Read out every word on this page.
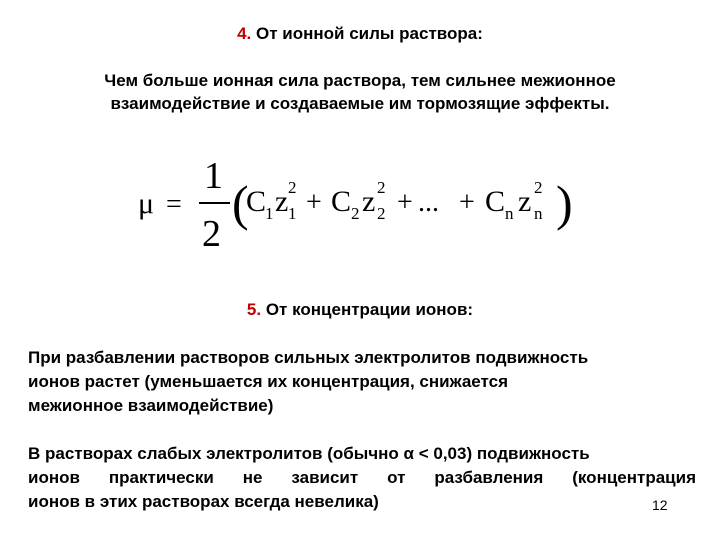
4. От ионной силы раствора:
Чем больше ионная сила раствора, тем сильнее межионное
взаимодействие и создаваемые им тормозящие эффекты.
μ =
1
2
(
C
1 z 2
1 + C 2 z 2
2 + ... + C n z 2
n )
5. От концентрации ионов:
При разбавлении растворов сильных электролитов подвижность
ионов растет (уменьшается их концентрация, снижается
межионное взаимодействие)
В растворах слабых электролитов (обычно α < 0,03) подвижность
ионов практически не зависит от разбавления (концентрация
ионов в этих растворах всегда невелика)	12
